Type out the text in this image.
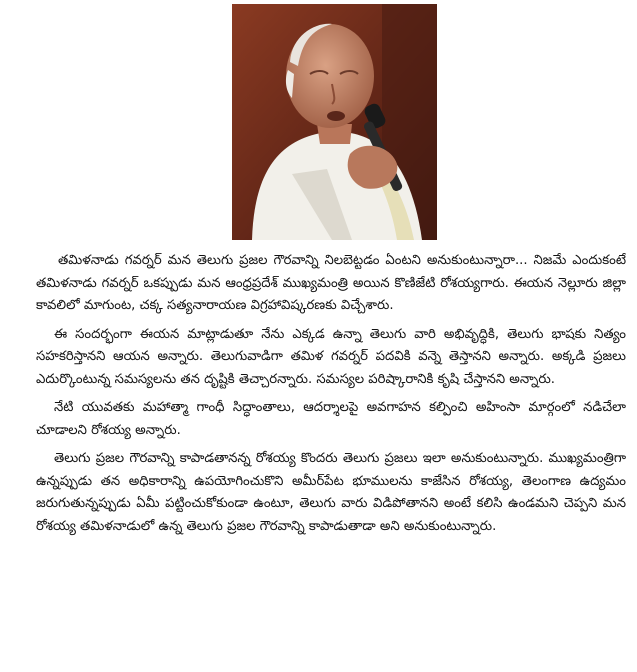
తమిళనాడు గవర్నర్ మన తెలుగు ప్రజల గౌరవాన్ని నిలబెట్టడం ఏంటని అనుకుంటున్నారా... నిజమే ఎందుకంటే తమిళనాడు గవర్నర్ ఒకప్పుడు మన ఆంధ్రప్రదేశ్ ముఖ్యమంత్రి అయిన కొణిజేటి రోశయ్యగారు. ఈయన నెల్లూరు జిల్లా కావలిలో మాగుంట, చక్క సత్యనారాయణ విగ్రహావిష్కరణకు విచ్చేశారు.

ఈ సందర్భంగా ఈయన మాట్లాడుతూ నేను ఎక్కడ ఉన్నా తెలుగు వారి అభివృద్ధికి, తెలుగు భాషకు నిత్యం సహకరిస్తానని ఆయన అన్నారు. తెలుగువాడిగా తమిళ గవర్నర్ పదవికి వన్నె తెస్తానని అన్నారు. అక్కడి ప్రజలు ఎదుర్కొంటున్న సమస్యలను తన దృష్టికి తెచ్చారన్నారు. సమస్యల పరిష్కారానికి కృషి చేస్తానని అన్నారు.

నేటి యువతకు మహాత్మా గాంధీ సిద్ధాంతాలు, ఆదర్శాలపై అవగాహన కల్పించి అహింసా మార్గంలో నడిచేలా చూడాలని రోశయ్య అన్నారు.

తెలుగు ప్రజల గౌరవాన్ని కాపాడతానన్న రోశయ్య కొందరు తెలుగు ప్రజలు ఇలా అనుకుంటున్నారు. ముఖ్యమంత్రిగా ఉన్నప్పుడు తన అధికారాన్ని ఉపయోగించుకొని అమీర్‌పేట భూములను కాజేసిన రోశయ్య, తెలంగాణ ఉద్యమం జరుగుతున్నప్పుడు ఏమీ పట్టించుకోకుండా ఉంటూ, తెలుగు వారు విడిపోతానని అంటే కలిసి ఉండమని చెప్పని మన రోశయ్య తమిళనాడులో ఉన్న తెలుగు ప్రజల గౌరవాన్ని కాపాడుతాడా అని అనుకుంటున్నారు.
